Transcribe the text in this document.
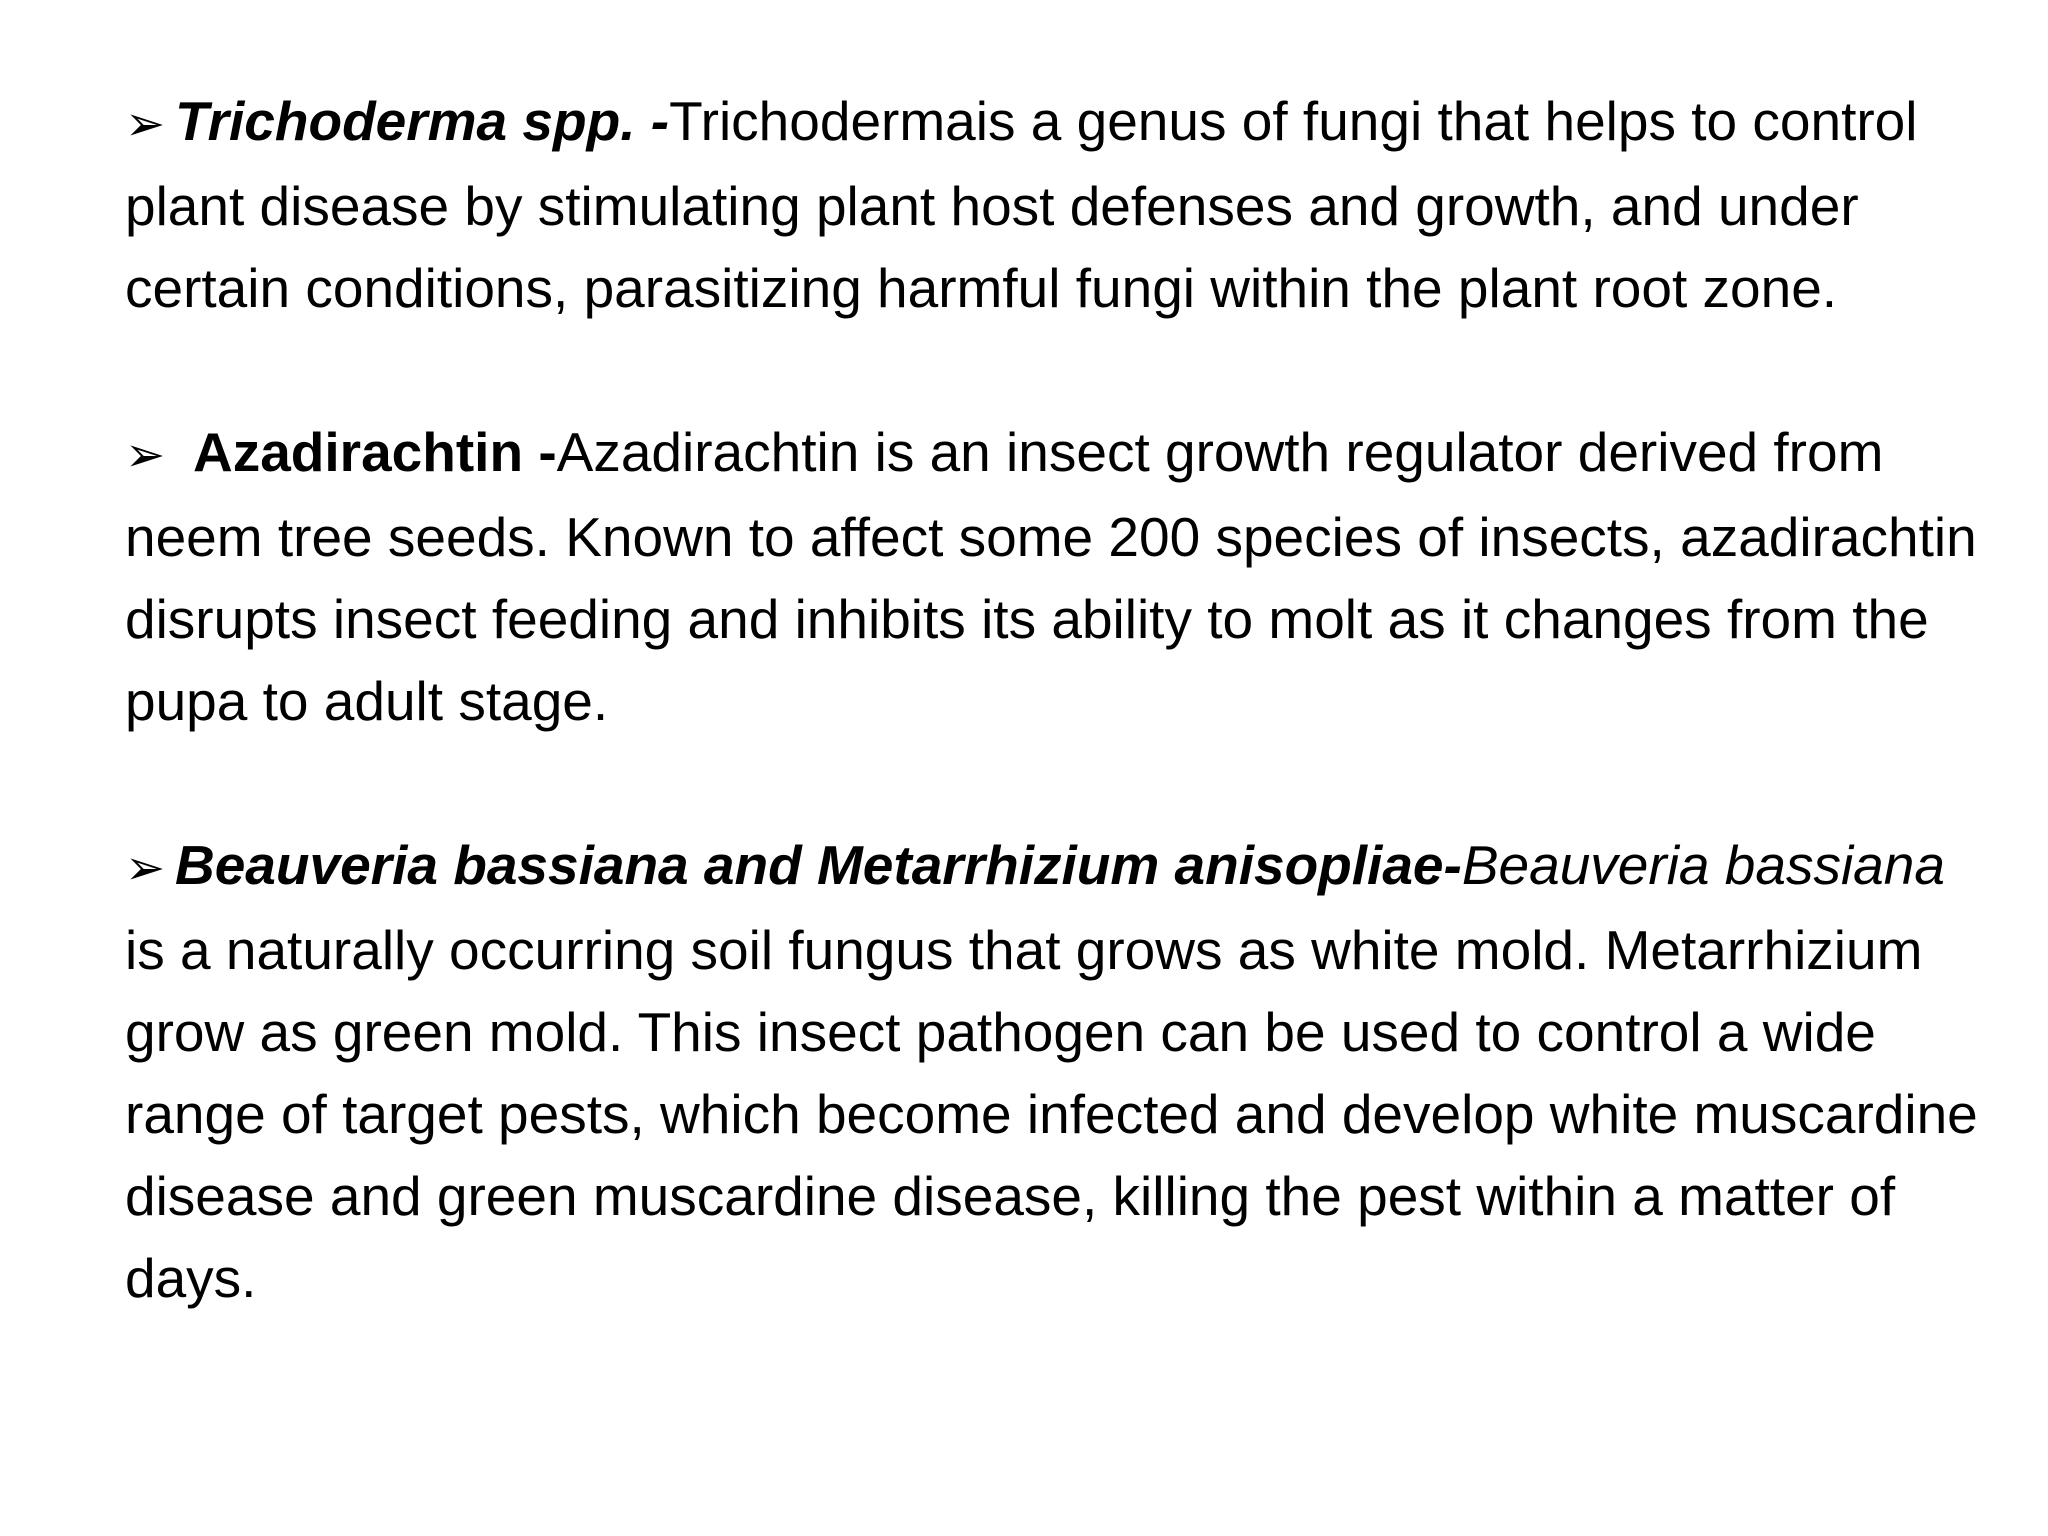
➢ Trichoderma spp. -Trichodermais a genus of fungi that helps to control plant disease by stimulating plant host defenses and growth, and under certain conditions, parasitizing harmful fungi within the plant root zone.

➢ Azadirachtin -Azadirachtin is an insect growth regulator derived from neem tree seeds. Known to affect some 200 species of insects, azadirachtin disrupts insect feeding and inhibits its ability to molt as it changes from the pupa to adult stage.

➢ Beauveria bassiana and Metarrhizium anisopliae-Beauveria bassiana is a naturally occurring soil fungus that grows as white mold. Metarrhizium grow as green mold. This insect pathogen can be used to control a wide range of target pests, which become infected and develop white muscardine disease and green muscardine disease, killing the pest within a matter of days.
